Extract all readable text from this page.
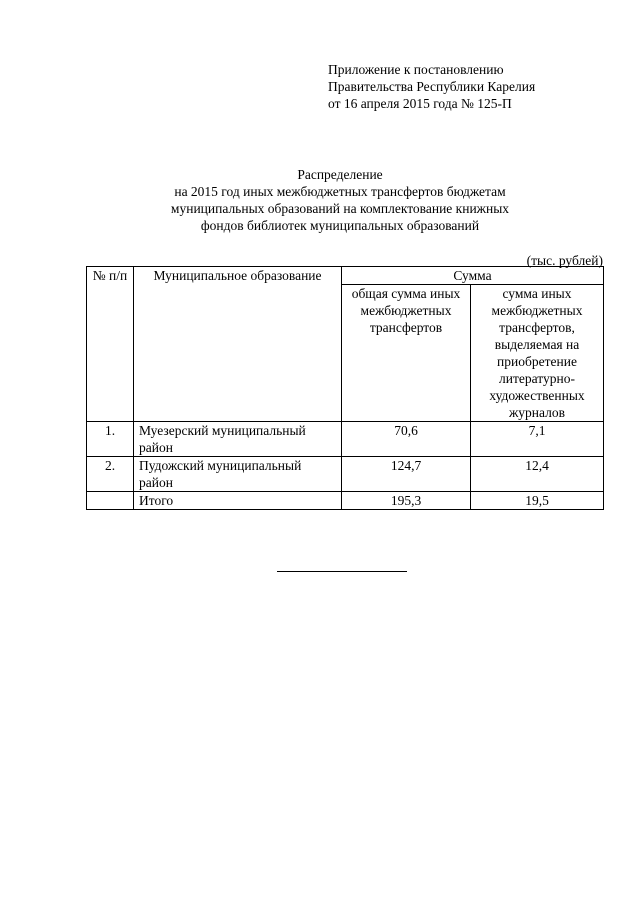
Приложение к постановлению
Правительства Республики Карелия
от 16 апреля 2015 года № 125-П
Распределение
на 2015 год иных межбюджетных трансфертов бюджетам
муниципальных образований на комплектование книжных
фондов библиотек муниципальных образований
(тыс. рублей)
№ п/п	Муниципальное образование	Сумма	
		общая сумма иных межбюджетных трансфертов	сумма иных межбюджетных трансфертов, выделяемая на приобретение литературно-художественных журналов
1.	Муезерский муниципальный район	70,6	7,1
2.	Пудожский муниципальный район	124,7	12,4
	Итого	195,3	19,5
